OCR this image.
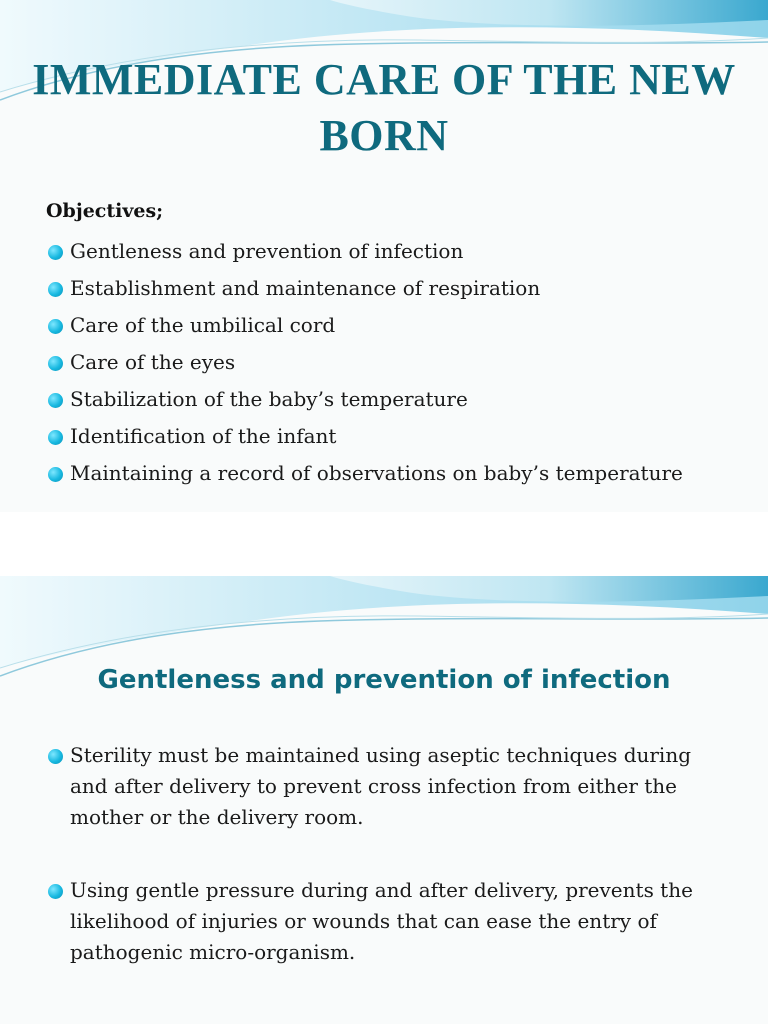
IMMEDIATE CARE OF THE NEW BORN
Objectives;
Gentleness and prevention of infection
Establishment and maintenance of respiration
Care of the umbilical cord
Care of the eyes
Stabilization of the baby’s temperature
Identification of the infant
Maintaining a record of observations on baby’s temperature
Gentleness and prevention of infection
Sterility must be maintained using aseptic techniques during and after delivery to prevent cross infection from either the mother or the delivery room.
Using gentle pressure during and after delivery, prevents the likelihood of injuries or wounds that can ease the entry of pathogenic micro-organism.
